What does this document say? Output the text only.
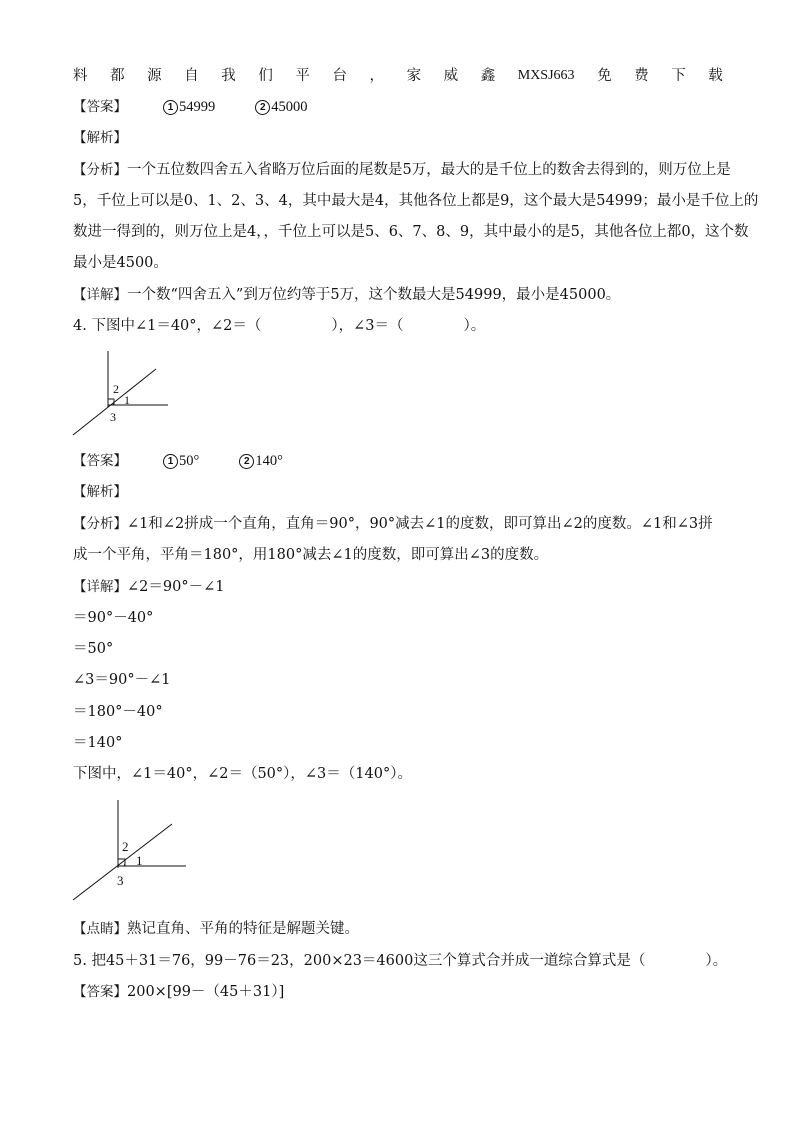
料 都 源 自 我 们 平 台 ， 家 威 鑫 MXSJ663 免 费 下 载
【答案】	1 54999	2 45000
【解析】
【分析】一个五位数四舍五入省略万位后面的尾数是5万，最大的是千位上的数舍去得到的，则万位上是
5，千位上可以是0、1、2、3、4，其中最大是4，其他各位上都是9，这个最大是54999；最小是千位上的
数进一得到的，则万位上是4，，千位上可以是5、6、7、8、9，其中最小的是5，其他各位上都0，这个数
最小是4500。
【详解】一个数“四舍五入”到万位约等于5万，这个数最大是54999，最小是45000。
4. 下图中∠1＝40°，∠2＝（	），∠3＝（	）。
2
1
3
【答案】	1 50°	2 140°
【解析】
【分析】∠1和∠2拼成一个直角，直角＝90°，90°减去∠1的度数，即可算出∠2的度数。∠1和∠3拼
成一个平角，平角＝180°，用180°减去∠1的度数，即可算出∠3的度数。
【详解】∠2＝90°－∠1
＝90°－40°
＝50°
∠3＝90°－∠1
＝180°－40°
＝140°
下图中，∠1＝40°，∠2＝（50°），∠3＝（140°）。
2
1
3
【点睛】熟记直角、平角的特征是解题关键。
5. 把45＋31＝76，99－76＝23，200×23＝4600这三个算式合并成一道综合算式是（	）。
【答案】200×[99－（45＋31）]
